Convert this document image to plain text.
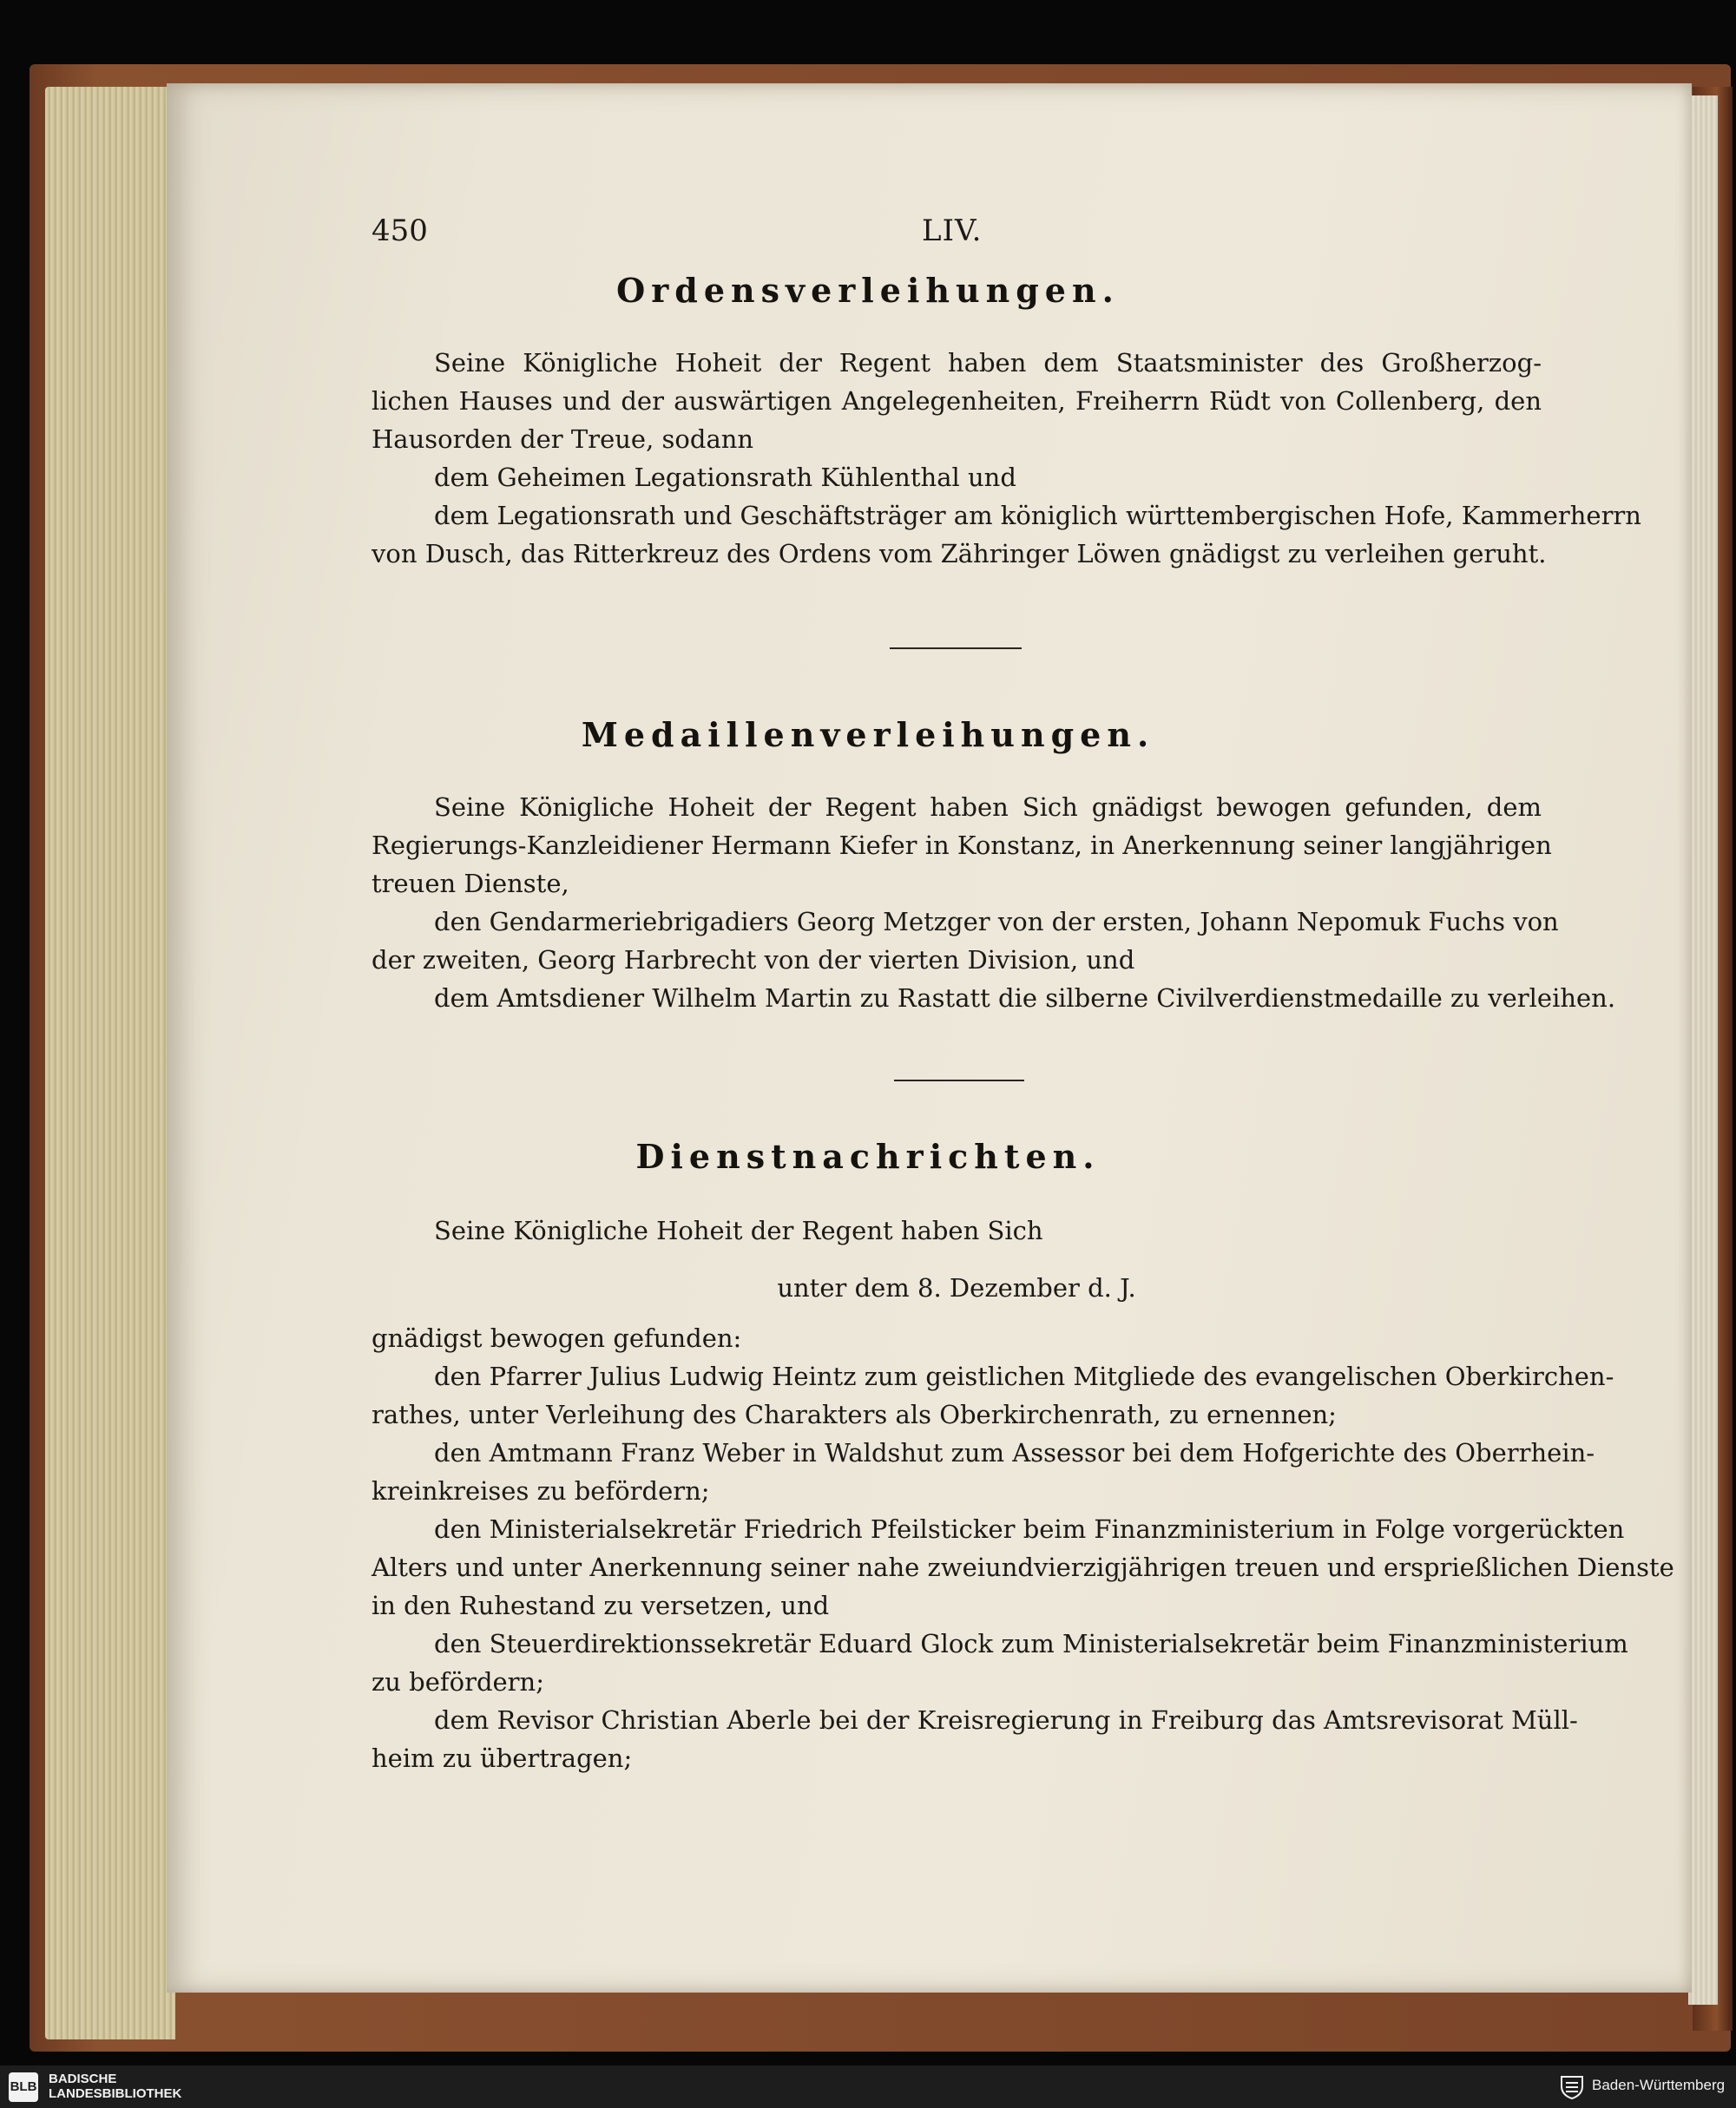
450	LIV.
Ordensverleihungen.
Seine Königliche Hoheit der Regent haben dem Staatsminister des Großherzog-
lichen Hauses und der auswärtigen Angelegenheiten, Freiherrn Rüdt von Collenberg, den
Hausorden der Treue, sodann
dem Geheimen Legationsrath Kühlenthal und
dem Legationsrath und Geschäftsträger am königlich württembergischen Hofe, Kammerherrn
von Dusch, das Ritterkreuz des Ordens vom Zähringer Löwen gnädigst zu verleihen geruht.
Medaillenverleihungen.
Seine Königliche Hoheit der Regent haben Sich gnädigst bewogen gefunden, dem
Regierungs-Kanzleidiener Hermann Kiefer in Konstanz, in Anerkennung seiner langjährigen
treuen Dienste,
den Gendarmeriebrigadiers Georg Metzger von der ersten, Johann Nepomuk Fuchs von
der zweiten, Georg Harbrecht von der vierten Division, und
dem Amtsdiener Wilhelm Martin zu Rastatt die silberne Civilverdienstmedaille zu verleihen.
Dienstnachrichten.
Seine Königliche Hoheit der Regent haben Sich
unter dem 8. Dezember d. J.
gnädigst bewogen gefunden:
den Pfarrer Julius Ludwig Heintz zum geistlichen Mitgliede des evangelischen Oberkirchen-
rathes, unter Verleihung des Charakters als Oberkirchenrath, zu ernennen;
den Amtmann Franz Weber in Waldshut zum Assessor bei dem Hofgerichte des Oberrhein-
kreinkreises zu befördern;
den Ministerialsekretär Friedrich Pfeilsticker beim Finanzministerium in Folge vorgerückten
Alters und unter Anerkennung seiner nahe zweiundvierzigjährigen treuen und ersprießlichen Dienste
in den Ruhestand zu versetzen, und
den Steuerdirektionssekretär Eduard Glock zum Ministerialsekretär beim Finanzministerium
zu befördern;
dem Revisor Christian Aberle bei der Kreisregierung in Freiburg das Amtsrevisorat Müll-
heim zu übertragen;
BLB
BADISCHE
LANDESBIBLIOTHEK
Baden-Württemberg
